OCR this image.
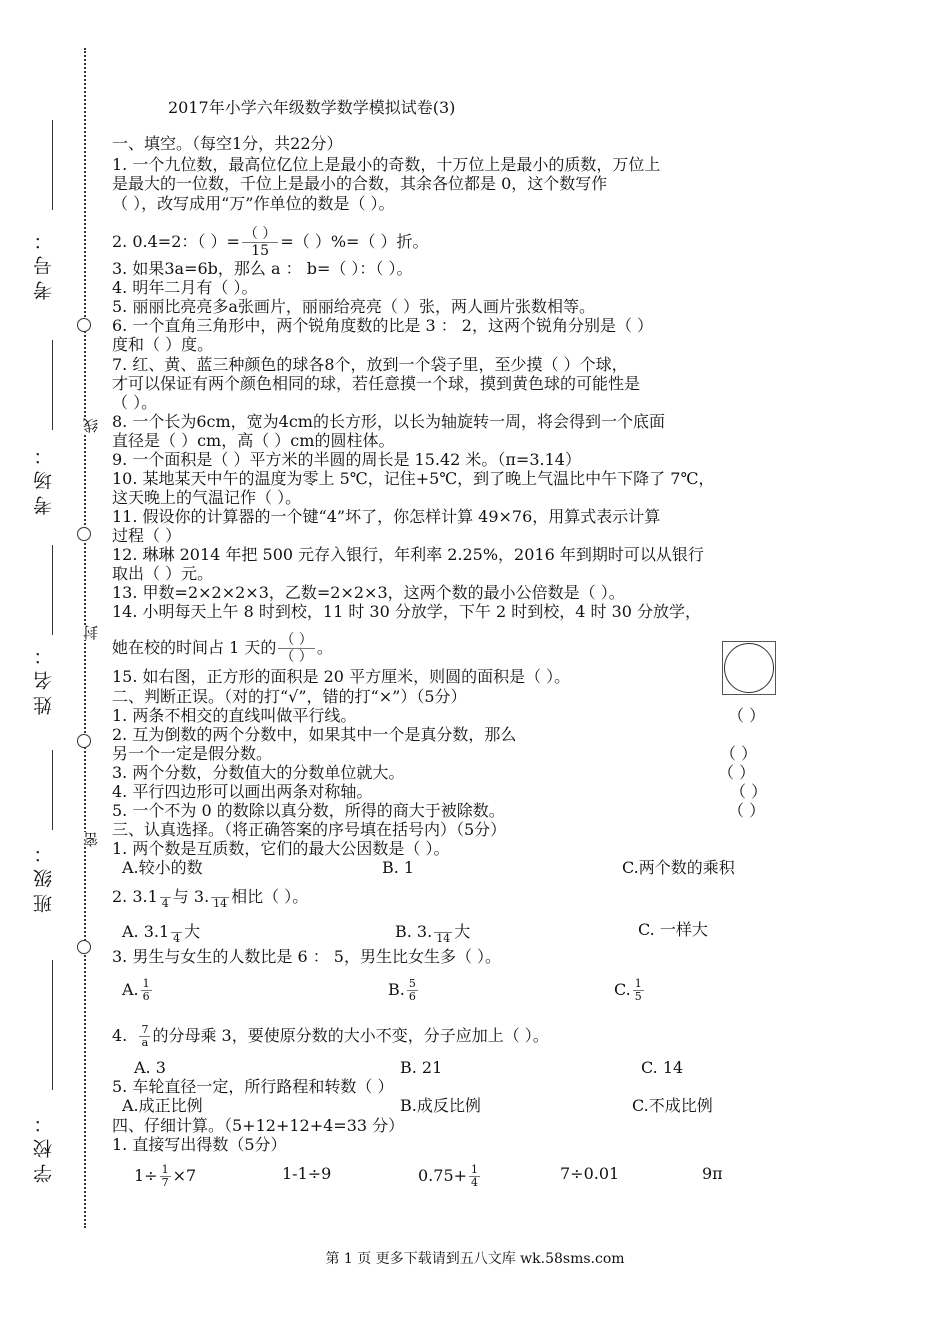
考号：
考场：
线
姓名：
封
班级：	密
学校：
2017年小学六年级数学数学模拟试卷(3)
一、填空。（每空1分，共22分）
1. 一个九位数，最高位亿位上是最小的奇数，十万位上是最小的质数，万位上
是最大的一位数，千位上是最小的合数，其余各位都是 0，这个数写作
（ ），改写成用“万”作单位的数是（ ）。
2. 0.4=2：（ ）= $\frac{( )}{15}$ =（ ）%=（ ）折。
3. 如果3a=6b，那么 a ： b=（ ）：（ ）。
4. 明年二月有（ ）。
5. 丽丽比亮亮多a张画片，丽丽给亮亮（ ）张，两人画片张数相等。
6. 一个直角三角形中，两个锐角度数的比是 3 ： 2，这两个锐角分别是（ ）
度和（ ）度。
7. 红、黄、蓝三种颜色的球各8个，放到一个袋子里，至少摸（ ）个球，
才可以保证有两个颜色相同的球，若任意摸一个球，摸到黄色球的可能性是
（ ）。
8. 一个长为6cm，宽为4cm的长方形，以长为轴旋转一周，将会得到一个底面
直径是（ ）cm，高（ ）cm的圆柱体。
9. 一个面积是（ ）平方米的半圆的周长是 15.42 米。（π=3.14）
10. 某地某天中午的温度为零上 5℃，记住+5℃，到了晚上气温比中午下降了 7℃，
这天晚上的气温记作（ ）。
11. 假设你的计算器的一个键“4”坏了，你怎样计算 49×76，用算式表示计算
过程（ ）
12. 琳琳 2014 年把 500 元存入银行，年利率 2.25%，2016 年到期时可以从银行
取出（ ）元。
13. 甲数=2×2×2×3，乙数=2×2×3，这两个数的最小公倍数是（ ）。
14. 小明每天上午 8 时到校，11 时 30 分放学，下午 2 时到校，4 时 30 分放学，
她在校的时间占 1 天的 $\frac{( )}{( )}$ 。
15. 如右图，正方形的面积是 20 平方厘米，则圆的面积是（ ）。
二、判断正误。（对的打“√”，错的打“×”）（5分）
1. 两条不相交的直线叫做平行线。	（ ）
2. 互为倒数的两个分数中，如果其中一个是真分数，那么
另一个一定是假分数。	（ ）
3. 两个分数，分数值大的分数单位就大。	（ ）
4. 平行四边形可以画出两条对称轴。	（ ）
5. 一个不为 0 的数除以真分数，所得的商大于被除数。	（ ）
三、认真选择。（将正确答案的序号填在括号内）（5分）
1. 两个数是互质数，它们的最大公因数是（ ）。
A.较小的数	B. 1	C.两个数的乘积
2. 3.1
4 与 3.
14 相比（ ）。
A. 3.1
4 大	B. 3.
14 大	C. 一样大
3. 男生与女生的人数比是 6 ： 5，男生比女生多（ ）。
A. $\frac{1}{6}$	B. $\frac{5}{6}$	C. $\frac{1}{5}$
4. $\frac{7}{a}$ 的分母乘 3，要使原分数的大小不变，分子应加上（ ）。
A. 3	B. 21	C. 14
5. 车轮直径一定，所行路程和转数（ ）
A.成正比例	B.成反比例	C.不成比例
四、仔细计算。（5+12+12+4=33 分）
1. 直接写出得数（5分）
$1\div \frac{1}{7} \times 7$	1-1÷9	$0.75+ \frac{1}{4}$	7÷0.01	9π
第 1 页 更多下载请到五八文库 wk.58sms.com
